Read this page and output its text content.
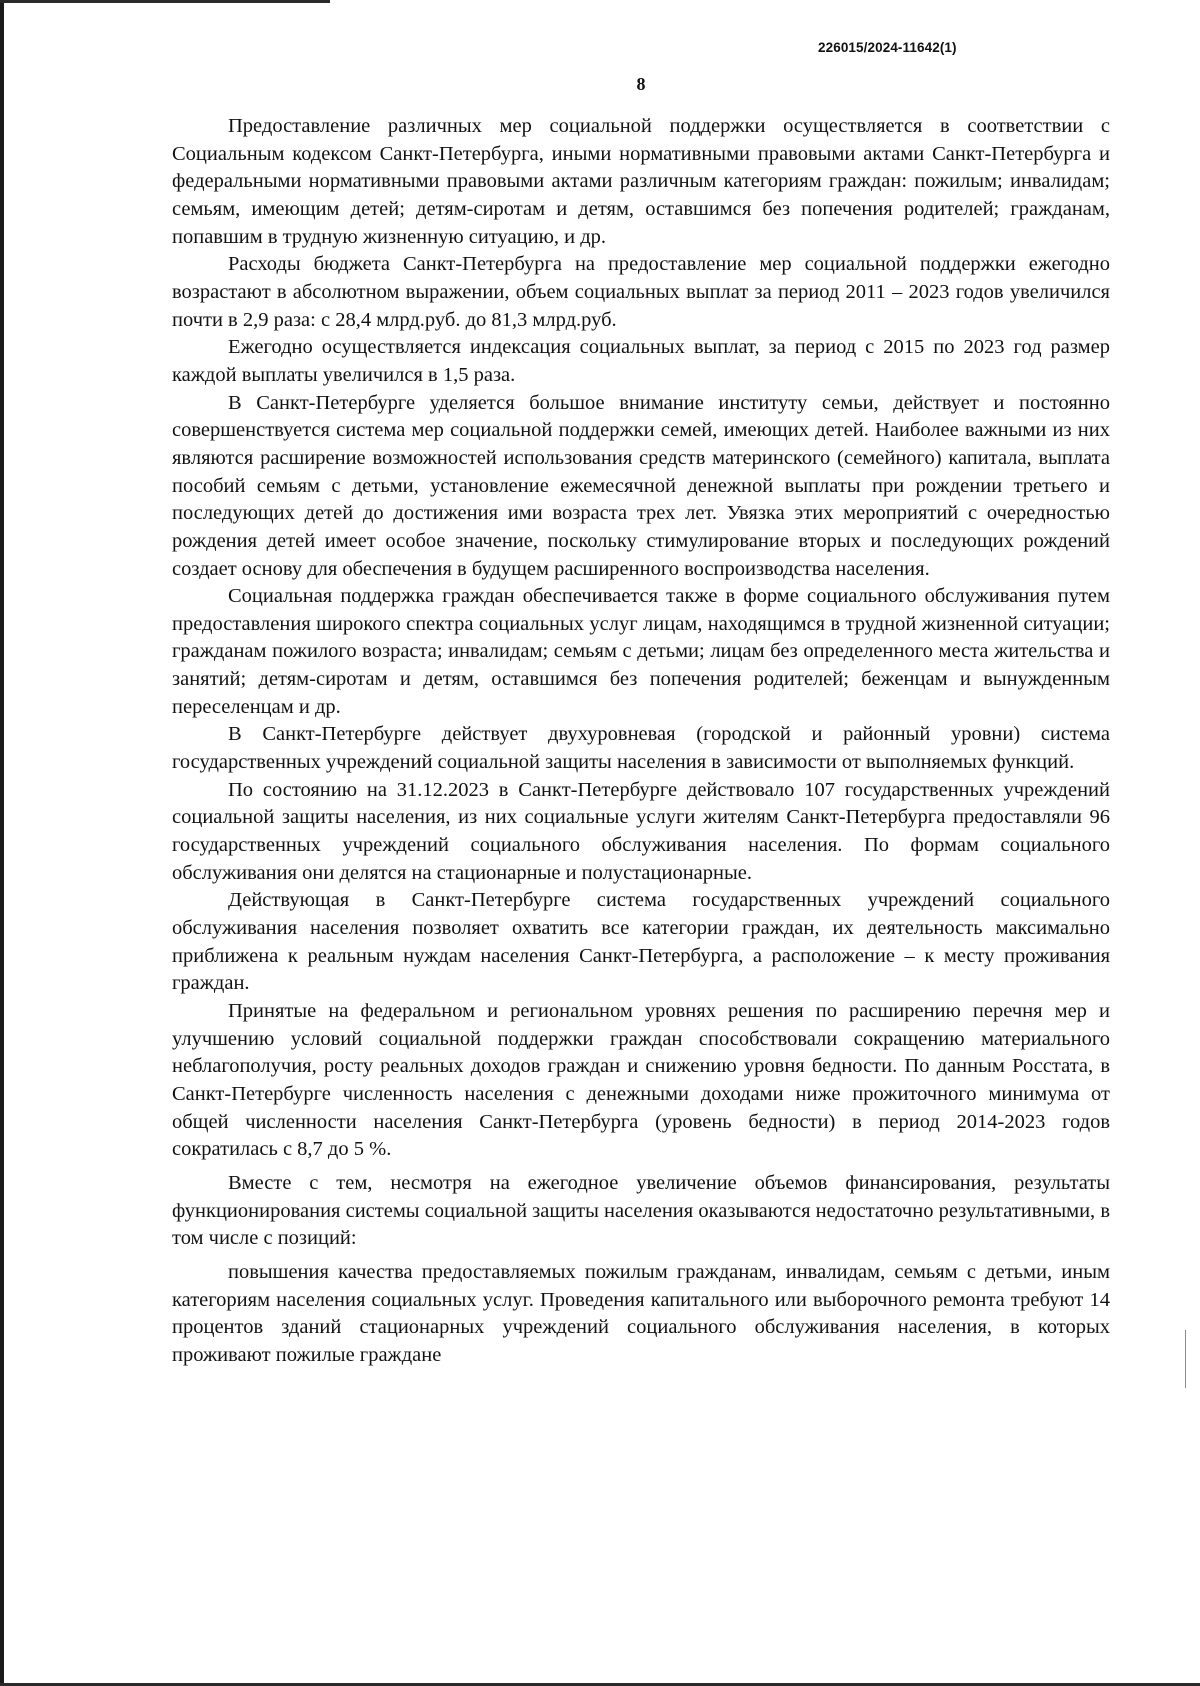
226015/2024-11642(1)
8

Предоставление различных мер социальной поддержки осуществляется в соответствии с Социальным кодексом Санкт-Петербурга, иными нормативными правовыми актами Санкт-Петербурга и федеральными нормативными правовыми актами различным категориям граждан: пожилым; инвалидам; семьям, имеющим детей; детям-сиротам и детям, оставшимся без попечения родителей; гражданам, попавшим в трудную жизненную ситуацию, и др.

Расходы бюджета Санкт-Петербурга на предоставление мер социальной поддержки ежегодно возрастают в абсолютном выражении, объем социальных выплат за период 2011 – 2023 годов увеличился почти в 2,9 раза: с 28,4 млрд.руб. до 81,3 млрд.руб.

Ежегодно осуществляется индексация социальных выплат, за период с 2015 по 2023 год размер каждой выплаты увеличился в 1,5 раза.

В Санкт-Петербурге уделяется большое внимание институту семьи, действует и постоянно совершенствуется система мер социальной поддержки семей, имеющих детей. Наиболее важными из них являются расширение возможностей использования средств материнского (семейного) капитала, выплата пособий семьям с детьми, установление ежемесячной денежной выплаты при рождении третьего и последующих детей до достижения ими возраста трех лет. Увязка этих мероприятий с очередностью рождения детей имеет особое значение, поскольку стимулирование вторых и последующих рождений создает основу для обеспечения в будущем расширенного воспроизводства населения.

Социальная поддержка граждан обеспечивается также в форме социального обслуживания путем предоставления широкого спектра социальных услуг лицам, находящимся в трудной жизненной ситуации; гражданам пожилого возраста; инвалидам; семьям с детьми; лицам без определенного места жительства и занятий; детям-сиротам и детям, оставшимся без попечения родителей; беженцам и вынужденным переселенцам и др.

В Санкт-Петербурге действует двухуровневая (городской и районный уровни) система государственных учреждений социальной защиты населения в зависимости от выполняемых функций.

По состоянию на 31.12.2023 в Санкт-Петербурге действовало 107 государственных учреждений социальной защиты населения, из них социальные услуги жителям Санкт-Петербурга предоставляли 96 государственных учреждений социального обслуживания населения. По формам социального обслуживания они делятся на стационарные и полустационарные.

Действующая в Санкт-Петербурге система государственных учреждений социального обслуживания населения позволяет охватить все категории граждан, их деятельность максимально приближена к реальным нуждам населения Санкт-Петербурга, а расположение – к месту проживания граждан.

Принятые на федеральном и региональном уровнях решения по расширению перечня мер и улучшению условий социальной поддержки граждан способствовали сокращению материального неблагополучия, росту реальных доходов граждан и снижению уровня бедности. По данным Росстата, в Санкт-Петербурге численность населения с денежными доходами ниже прожиточного минимума от общей численности населения Санкт-Петербурга (уровень бедности) в период 2014-2023 годов сократилась с 8,7 до 5 %.

Вместе с тем, несмотря на ежегодное увеличение объемов финансирования, результаты функционирования системы социальной защиты населения оказываются недостаточно результативными, в том числе с позиций:

повышения качества предоставляемых пожилым гражданам, инвалидам, семьям с детьми, иным категориям населения социальных услуг. Проведения капитального или выборочного ремонта требуют 14 процентов зданий стационарных учреждений социального обслуживания населения, в которых проживают пожилые граждане
